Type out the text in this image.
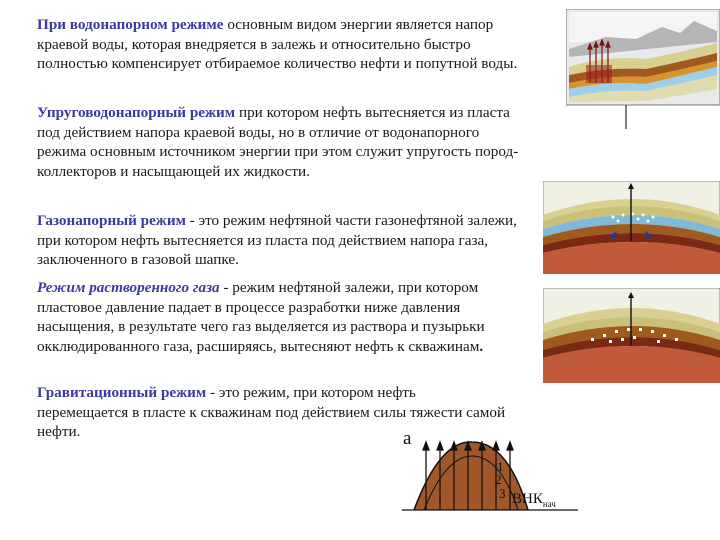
При водонапорном режиме основным видом энергии является напор краевой воды, которая внедряется в залежь и относительно быстро полностью компенсирует отбираемое количество нефти и попутной воды.

Упруговодонапорный режим при котором нефть вытесняется из пласта под действием напора краевой воды, но в отличие от водонапорного режима основным источником энергии при этом служит упругость пород-коллекторов и насыщающей их жидкости.

Газонапорный режим - это режим нефтяной части газонефтяной залежи, при котором нефть вытесняется из пласта под действием напора газа, заключенного в газовой шапке.

Режим растворенного газа - режим нефтяной залежи, при котором пластовое давление падает в процессе разработки ниже давления насыщения, в результате чего газ выделяется из раствора и пузырьки окклюдированного газа, расширяясь, вытесняют нефть к скважинам.

Гравитационный режим - это режим, при котором нефть перемещается в пласте к скважинам под действием силы тяжести самой нефти.	а
1
2
3 $ВНК_{нач}$
